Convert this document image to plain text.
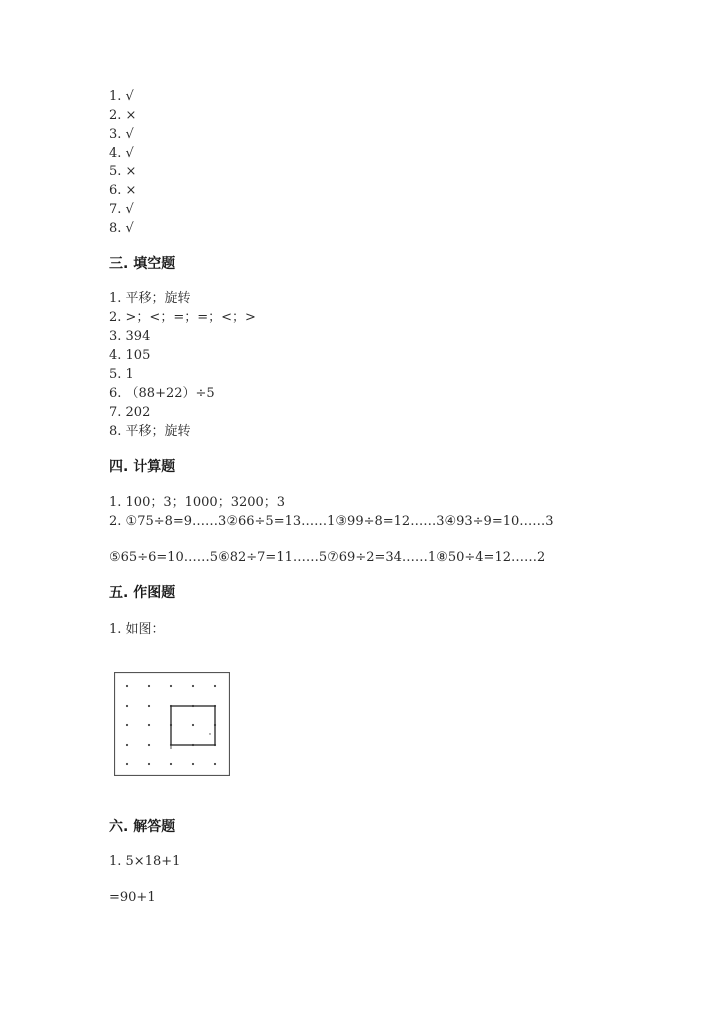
1. √
2. ×
3. √
4. √
5. ×
6. ×
7. √
8. √
三. 填空题
1. 平移；旋转
2. >；<；=；=；<；>
3. 394
4. 105
5. 1
6. （88+22）÷5
7. 202
8. 平移；旋转
四. 计算题
1. 100；3；1000；3200；3
2. ①75÷8=9……3②66÷5=13……1③99÷8=12……3④93÷9=10……3
⑤65÷6=10……5⑥82÷7=11……5⑦69÷2=34……1⑧50÷4=12……2
五. 作图题
1. 如图：
六. 解答题
1. 5×18+1
=90+1
